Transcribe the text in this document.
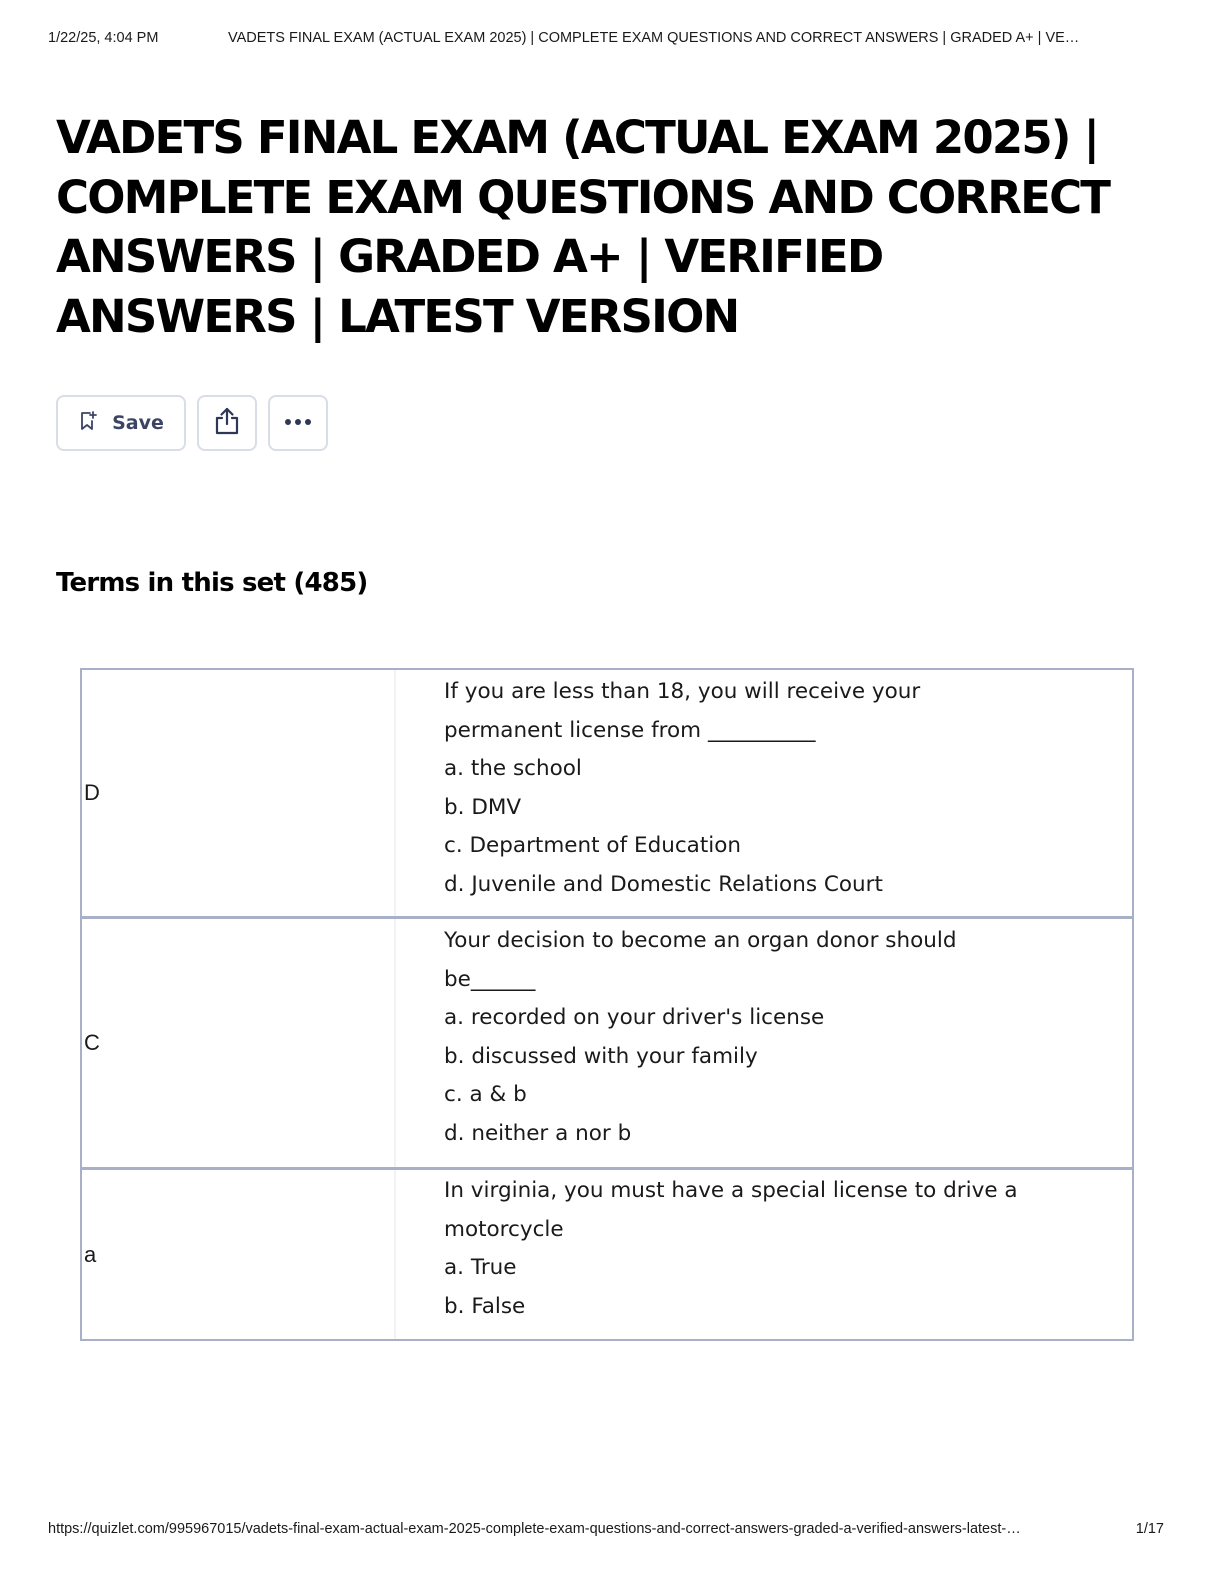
1/22/25, 4:04 PM	VADETS FINAL EXAM (ACTUAL EXAM 2025) | COMPLETE EXAM QUESTIONS AND CORRECT ANSWERS | GRADED A+ | VE…
VADETS FINAL EXAM (ACTUAL EXAM 2025) | COMPLETE EXAM QUESTIONS AND CORRECT ANSWERS | GRADED A+ | VERIFIED ANSWERS | LATEST VERSION
Save
Terms in this set (485)
D
If you are less than 18, you will receive your
permanent license from __________
a. the school
b. DMV
c. Department of Education
d. Juvenile and Domestic Relations Court
C
Your decision to become an organ donor should
be______
a. recorded on your driver's license
b. discussed with your family
c. a & b
d. neither a nor b
a
In virginia, you must have a special license to drive a
motorcycle
a. True
b. False
https://quizlet.com/995967015/vadets-final-exam-actual-exam-2025-complete-exam-questions-and-correct-answers-graded-a-verified-answers-latest-…	1/17
